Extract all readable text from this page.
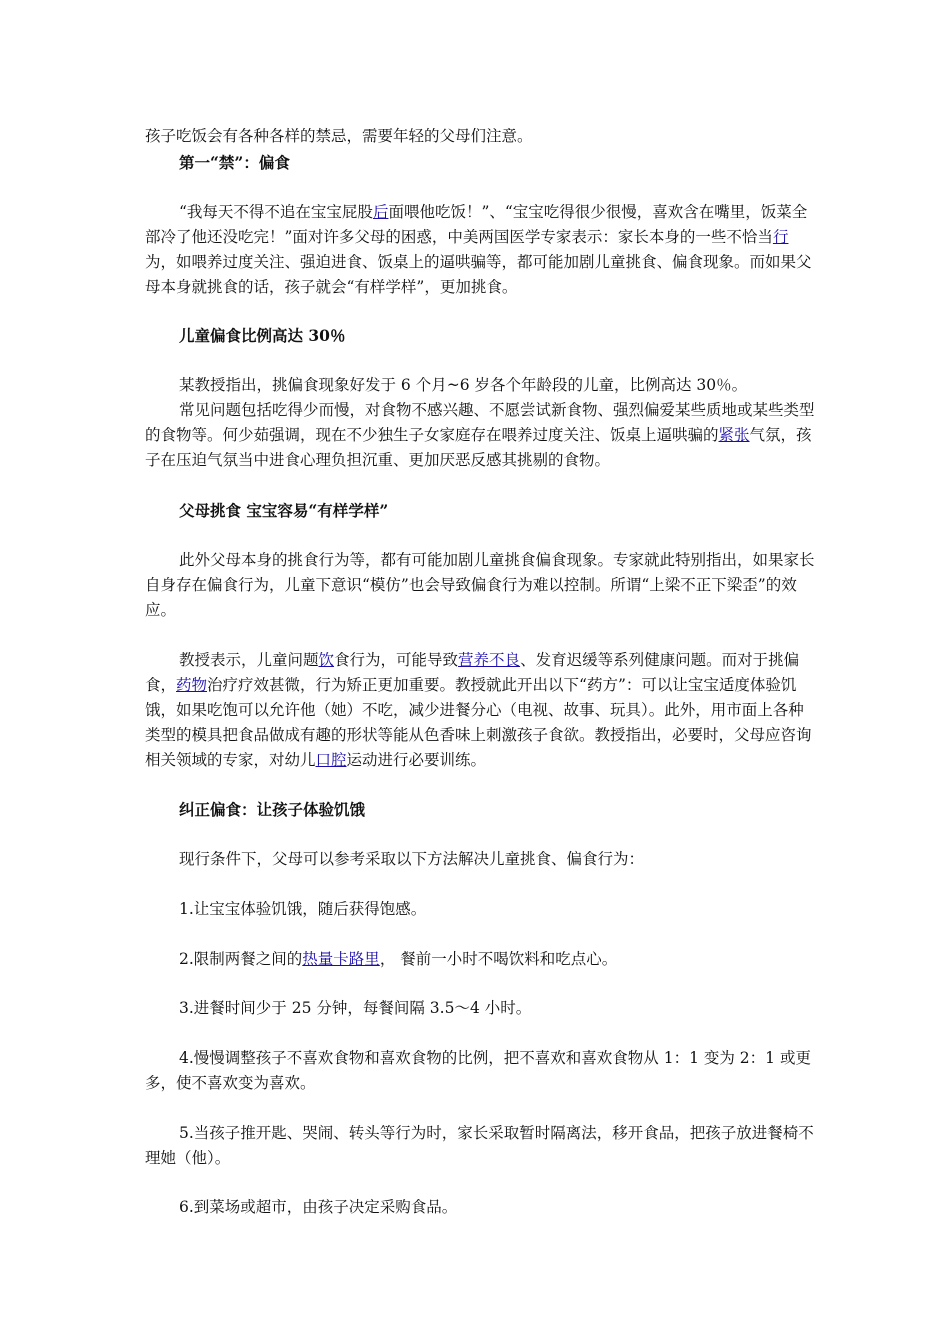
孩子吃饭会有各种各样的禁忌，需要年轻的父母们注意。

第一“禁”：偏食

“我每天不得不追在宝宝屁股后面喂他吃饭！”、“宝宝吃得很少很慢，喜欢含在嘴里，饭菜全部冷了他还没吃完！”面对许多父母的困惑，中美两国医学专家表示：家长本身的一些不恰当行为，如喂养过度关注、强迫进食、饭桌上的逼哄骗等，都可能加剧儿童挑食、偏食现象。而如果父母本身就挑食的话，孩子就会“有样学样”，更加挑食。

儿童偏食比例高达 30％

某教授指出，挑偏食现象好发于 6 个月~6 岁各个年龄段的儿童，比例高达 30％。

常见问题包括吃得少而慢，对食物不感兴趣、不愿尝试新食物、强烈偏爱某些质地或某些类型的食物等。何少茹强调，现在不少独生子女家庭存在喂养过度关注、饭桌上逼哄骗的紧张气氛，孩子在压迫气氛当中进食心理负担沉重、更加厌恶反感其挑剔的食物。

父母挑食 宝宝容易“有样学样”

此外父母本身的挑食行为等，都有可能加剧儿童挑食偏食现象。专家就此特别指出，如果家长自身存在偏食行为，儿童下意识“模仿”也会导致偏食行为难以控制。所谓“上梁不正下梁歪”的效应。

教授表示，儿童问题饮食行为，可能导致营养不良、发育迟缓等系列健康问题。而对于挑偏食，药物治疗疗效甚微，行为矫正更加重要。教授就此开出以下“药方”：可以让宝宝适度体验饥饿，如果吃饱可以允许他（她）不吃，减少进餐分心（电视、故事、玩具）。此外，用市面上各种类型的模具把食品做成有趣的形状等能从色香味上刺激孩子食欲。教授指出，必要时，父母应咨询相关领域的专家，对幼儿口腔运动进行必要训练。

纠正偏食：让孩子体验饥饿

现行条件下，父母可以参考采取以下方法解决儿童挑食、偏食行为：

1.让宝宝体验饥饿，随后获得饱感。

2.限制两餐之间的热量卡路里， 餐前一小时不喝饮料和吃点心。

3.进餐时间少于 25 分钟，每餐间隔 3.5～4 小时。

4.慢慢调整孩子不喜欢食物和喜欢食物的比例，把不喜欢和喜欢食物从 1：1 变为 2：1 或更多，使不喜欢变为喜欢。

5.当孩子推开匙、哭闹、转头等行为时，家长采取暂时隔离法，移开食品，把孩子放进餐椅不理她（他）。

6.到菜场或超市，由孩子决定采购食品。
